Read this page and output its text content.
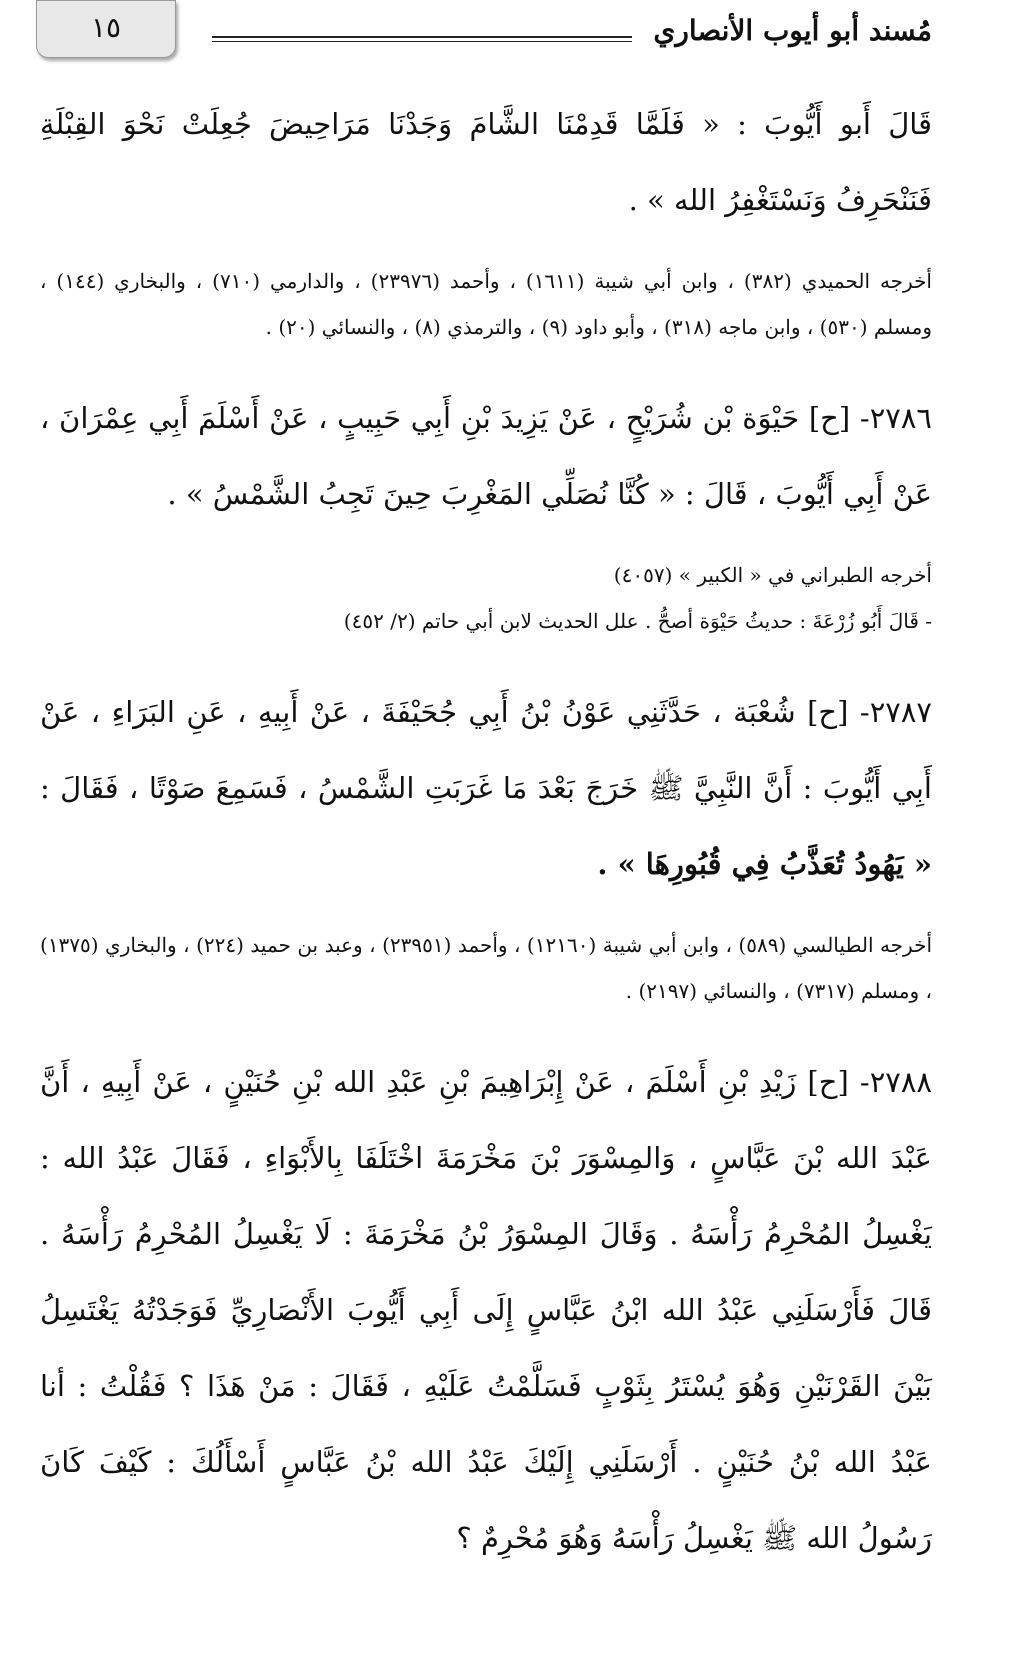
مُسند أبو أيوب الأنصاري
١٥

قَالَ أَبو أَيُّوبَ : « فَلَمَّا قَدِمْنَا الشَّامَ وَجَدْنَا مَرَاحِيضَ جُعِلَتْ نَحْوَ القِبْلَةِ فَنَنْحَرِفُ وَنَسْتَغْفِرُ الله » .

أخرجه الحميدي (٣٨٢) ، وابن أبي شيبة (١٦١١) ، وأحمد (٢٣٩٧٦) ، والدارمي (٧١٠) ، والبخاري (١٤٤) ، ومسلم (٥٣٠) ، وابن ماجه (٣١٨) ، وأبو داود (٩) ، والترمذي (٨) ، والنسائي (٢٠) .

٢٧٨٦- [ح] حَيْوَة بْن شُرَيْحٍ ، عَنْ يَزِيدَ بْنِ أَبِي حَبِيبٍ ، عَنْ أَسْلَمَ أَبِي عِمْرَانَ ، عَنْ أَبِي أَيُّوبَ ، قَالَ : « كُنَّا نُصَلِّي المَغْرِبَ حِينَ تَجِبُ الشَّمْسُ » .

أخرجه الطبراني في « الكبير » (٤٠٥٧)

- قَالَ أَبُو زُرْعَةَ : حديثُ حَيْوَة أصحُّ . علل الحديث لابن أبي حاتم (٢/ ٤٥٢)

٢٧٨٧- [ح] شُعْبَة ، حَدَّثَنِي عَوْنُ بْنُ أَبِي جُحَيْفَةَ ، عَنْ أَبِيهِ ، عَنِ البَرَاءِ ، عَنْ أَبِي أَيُّوبَ : أَنَّ النَّبِيَّ ﷺ خَرَجَ بَعْدَ مَا غَرَبَتِ الشَّمْسُ ، فَسَمِعَ صَوْتًا ، فَقَالَ : « يَهُودُ تُعَذَّبُ فِي قُبُورِهَا » .

أخرجه الطيالسي (٥٨٩) ، وابن أبي شيبة (١٢١٦٠) ، وأحمد (٢٣٩٥١) ، وعبد بن حميد (٢٢٤) ، والبخاري (١٣٧٥) ، ومسلم (٧٣١٧) ، والنسائي (٢١٩٧) .

٢٧٨٨- [ح] زَيْدِ بْنِ أَسْلَمَ ، عَنْ إِبْرَاهِيمَ بْنِ عَبْدِ الله بْنِ حُنَيْنٍ ، عَنْ أَبِيهِ ، أَنَّ عَبْدَ الله بْنَ عَبَّاسٍ ، وَالمِسْوَرَ بْنَ مَخْرَمَةَ اخْتَلَفَا بِالأَبْوَاءِ ، فَقَالَ عَبْدُ الله : يَغْسِلُ المُحْرِمُ رَأْسَهُ . وَقَالَ المِسْوَرُ بْنُ مَخْرَمَةَ : لَا يَغْسِلُ المُحْرِمُ رَأْسَهُ . قَالَ فَأَرْسَلَنِي عَبْدُ الله ابْنُ عَبَّاسٍ إِلَى أَبِي أَيُّوبَ الأَنْصَارِيِّ فَوَجَدْتُهُ يَغْتَسِلُ بَيْنَ القَرْنَيْنِ وَهُوَ يُسْتَرُ بِثَوْبٍ فَسَلَّمْتُ عَلَيْهِ ، فَقَالَ : مَنْ هَذَا ؟ فَقُلْتُ : أنا عَبْدُ الله بْنُ حُنَيْنٍ . أَرْسَلَنِي إِلَيْكَ عَبْدُ الله بْنُ عَبَّاسٍ أَسْأَلُكَ : كَيْفَ كَانَ رَسُولُ الله ﷺ يَغْسِلُ رَأْسَهُ وَهُوَ مُحْرِمٌ ؟
